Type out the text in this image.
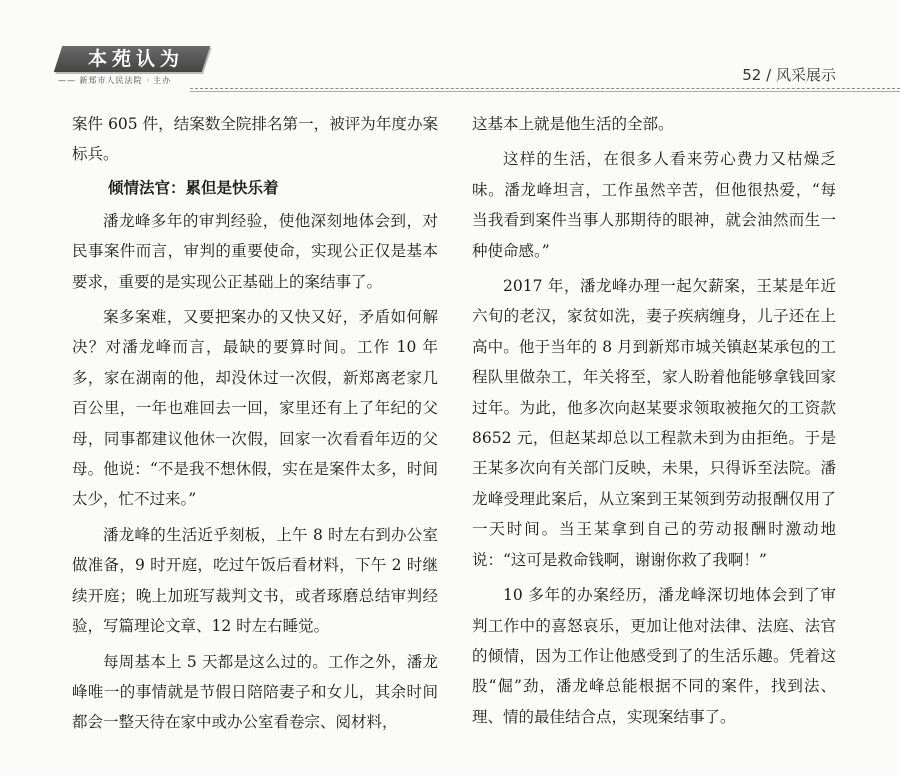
本苑认为
—— 新郑市人民法院 · 主办	52 / 风采展示

案件 605 件，结案数全院排名第一，被评为年度办案标兵。

倾情法官：累但是快乐着

潘龙峰多年的审判经验，使他深刻地体会到，对民事案件而言，审判的重要使命，实现公正仅是基本要求，重要的是实现公正基础上的案结事了。

案多案难，又要把案办的又快又好，矛盾如何解决？对潘龙峰而言，最缺的要算时间。工作 10 年多，家在湖南的他，却没休过一次假，新郑离老家几百公里，一年也难回去一回，家里还有上了年纪的父母，同事都建议他休一次假，回家一次看看年迈的父母。他说：“不是我不想休假，实在是案件太多，时间太少，忙不过来。”

潘龙峰的生活近乎刻板，上午 8 时左右到办公室做准备，9 时开庭，吃过午饭后看材料，下午 2 时继续开庭；晚上加班写裁判文书，或者琢磨总结审判经验，写篇理论文章、12 时左右睡觉。

每周基本上 5 天都是这么过的。工作之外，潘龙峰唯一的事情就是节假日陪陪妻子和女儿，其余时间都会一整天待在家中或办公室看卷宗、阅材料，

这基本上就是他生活的全部。

这样的生活，在很多人看来劳心费力又枯燥乏味。潘龙峰坦言，工作虽然辛苦，但他很热爱，“每当我看到案件当事人那期待的眼神，就会油然而生一种使命感。”

2017 年，潘龙峰办理一起欠薪案，王某是年近六旬的老汉，家贫如洗，妻子疾病缠身，儿子还在上高中。他于当年的 8 月到新郑市城关镇赵某承包的工程队里做杂工，年关将至，家人盼着他能够拿钱回家过年。为此，他多次向赵某要求领取被拖欠的工资款 8652 元，但赵某却总以工程款未到为由拒绝。于是王某多次向有关部门反映，未果，只得诉至法院。潘龙峰受理此案后，从立案到王某领到劳动报酬仅用了一天时间。当王某拿到自己的劳动报酬时激动地说：“这可是救命钱啊，谢谢你救了我啊！”

10 多年的办案经历，潘龙峰深切地体会到了审判工作中的喜怒哀乐，更加让他对法律、法庭、法官的倾情，因为工作让他感受到了的生活乐趣。凭着这股“倔”劲，潘龙峰总能根据不同的案件，找到法、理、情的最佳结合点，实现案结事了。
